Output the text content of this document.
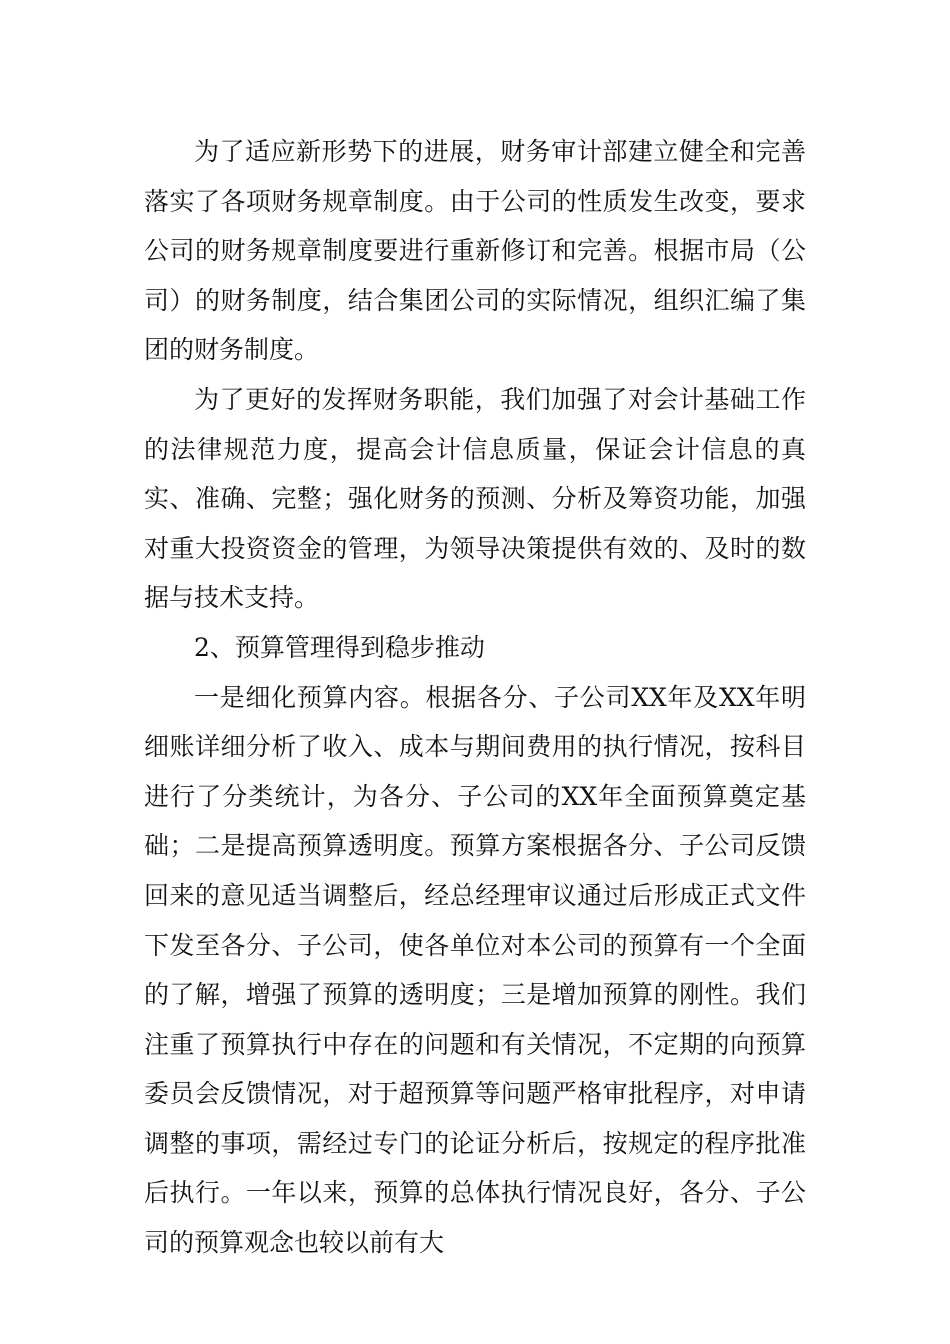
为了适应新形势下的进展，财务审计部建立健全和完善落实了各项财务规章制度。由于公司的性质发生改变，要求公司的财务规章制度要进行重新修订和完善。根据市局（公司）的财务制度，结合集团公司的实际情况，组织汇编了集团的财务制度。

为了更好的发挥财务职能，我们加强了对会计基础工作的法律规范力度，提高会计信息质量，保证会计信息的真实、准确、完整；强化财务的预测、分析及筹资功能，加强对重大投资资金的管理，为领导决策提供有效的、及时的数据与技术支持。

2、预算管理得到稳步推动

一是细化预算内容。根据各分、子公司XX年及XX年明细账详细分析了收入、成本与期间费用的执行情况，按科目进行了分类统计，为各分、子公司的XX年全面预算奠定基础；二是提高预算透明度。预算方案根据各分、子公司反馈回来的意见适当调整后，经总经理审议通过后形成正式文件下发至各分、子公司，使各单位对本公司的预算有一个全面的了解，增强了预算的透明度；三是增加预算的刚性。我们注重了预算执行中存在的问题和有关情况，不定期的向预算委员会反馈情况，对于超预算等问题严格审批程序，对申请调整的事项，需经过专门的论证分析后，按规定的程序批准后执行。一年以来，预算的总体执行情况良好，各分、子公司的预算观念也较以前有大
